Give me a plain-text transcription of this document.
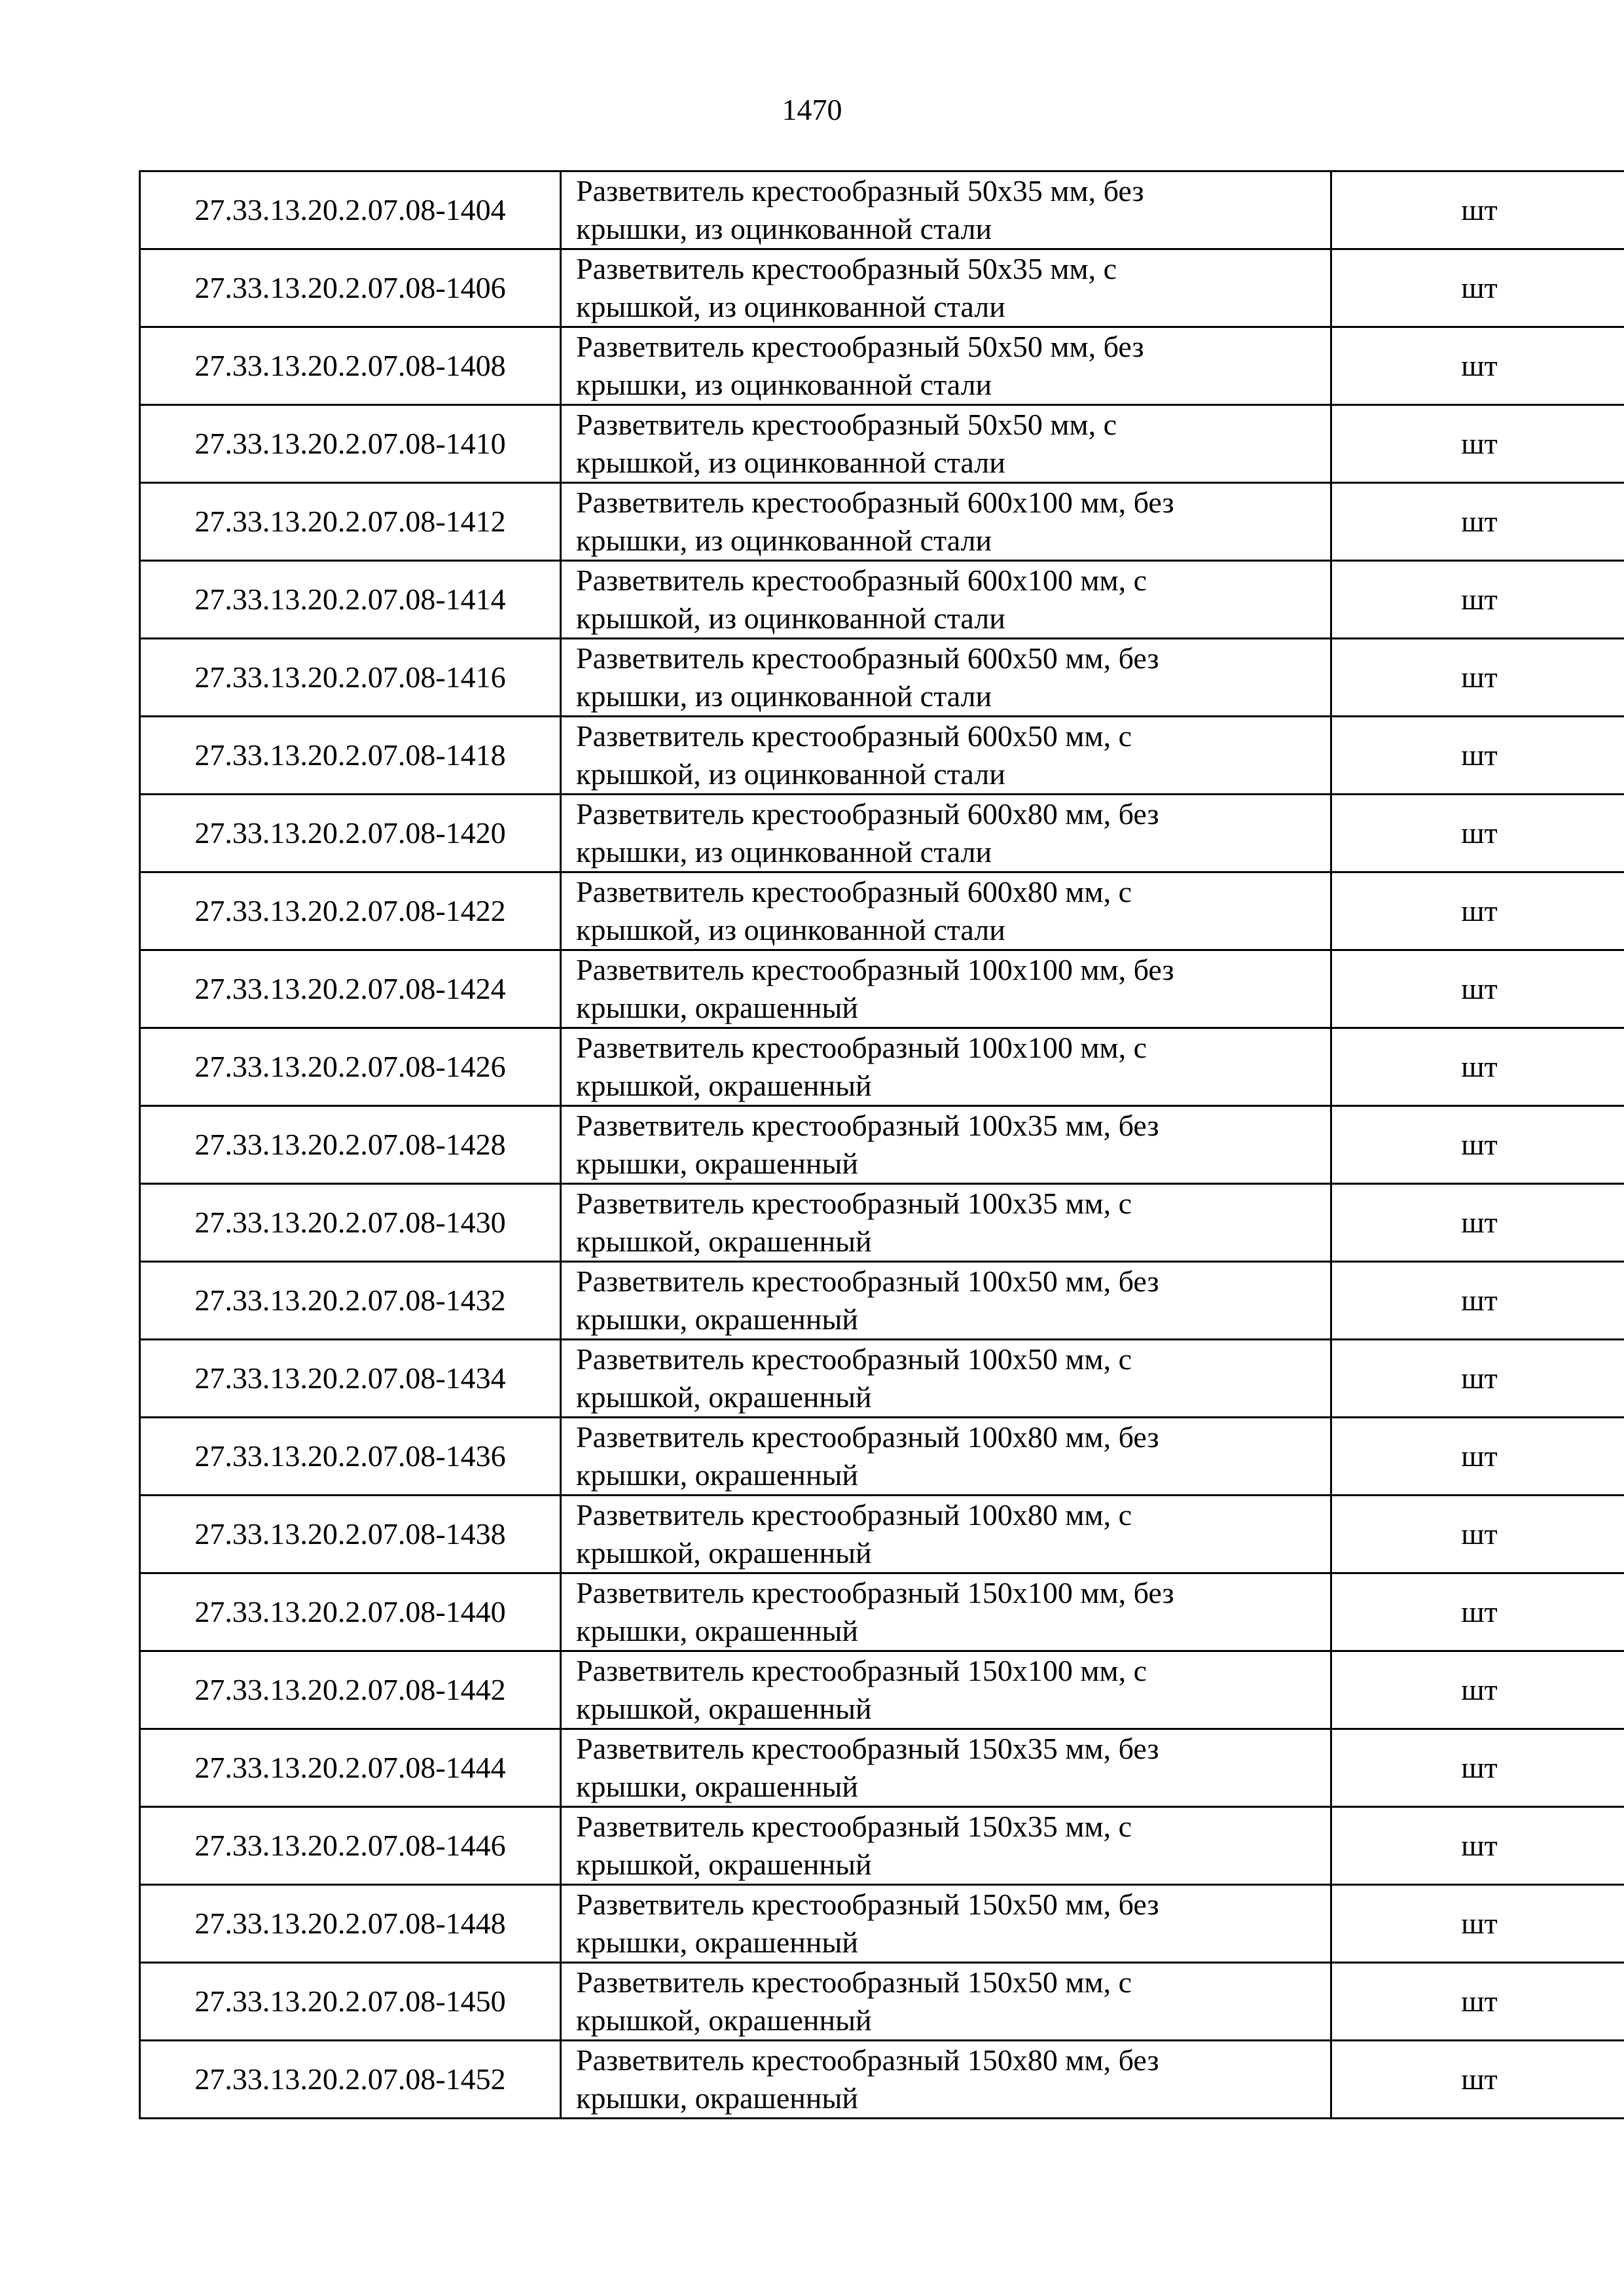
1470
27.33.13.20.2.07.08-1404	Разветвитель крестообразный 50х35 мм, без
крышки, из оцинкованной стали	шт
27.33.13.20.2.07.08-1406	Разветвитель крестообразный 50х35 мм, с
крышкой, из оцинкованной стали	шт
27.33.13.20.2.07.08-1408	Разветвитель крестообразный 50х50 мм, без
крышки, из оцинкованной стали	шт
27.33.13.20.2.07.08-1410	Разветвитель крестообразный 50х50 мм, с
крышкой, из оцинкованной стали	шт
27.33.13.20.2.07.08-1412	Разветвитель крестообразный 600х100 мм, без
крышки, из оцинкованной стали	шт
27.33.13.20.2.07.08-1414	Разветвитель крестообразный 600х100 мм, с
крышкой, из оцинкованной стали	шт
27.33.13.20.2.07.08-1416	Разветвитель крестообразный 600х50 мм, без
крышки, из оцинкованной стали	шт
27.33.13.20.2.07.08-1418	Разветвитель крестообразный 600х50 мм, с
крышкой, из оцинкованной стали	шт
27.33.13.20.2.07.08-1420	Разветвитель крестообразный 600х80 мм, без
крышки, из оцинкованной стали	шт
27.33.13.20.2.07.08-1422	Разветвитель крестообразный 600х80 мм, с
крышкой, из оцинкованной стали	шт
27.33.13.20.2.07.08-1424	Разветвитель крестообразный 100х100 мм, без
крышки, окрашенный	шт
27.33.13.20.2.07.08-1426	Разветвитель крестообразный 100х100 мм, с
крышкой, окрашенный	шт
27.33.13.20.2.07.08-1428	Разветвитель крестообразный 100х35 мм, без
крышки, окрашенный	шт
27.33.13.20.2.07.08-1430	Разветвитель крестообразный 100х35 мм, с
крышкой, окрашенный	шт
27.33.13.20.2.07.08-1432	Разветвитель крестообразный 100х50 мм, без
крышки, окрашенный	шт
27.33.13.20.2.07.08-1434	Разветвитель крестообразный 100х50 мм, с
крышкой, окрашенный	шт
27.33.13.20.2.07.08-1436	Разветвитель крестообразный 100х80 мм, без
крышки, окрашенный	шт
27.33.13.20.2.07.08-1438	Разветвитель крестообразный 100х80 мм, с
крышкой, окрашенный	шт
27.33.13.20.2.07.08-1440	Разветвитель крестообразный 150х100 мм, без
крышки, окрашенный	шт
27.33.13.20.2.07.08-1442	Разветвитель крестообразный 150х100 мм, с
крышкой, окрашенный	шт
27.33.13.20.2.07.08-1444	Разветвитель крестообразный 150х35 мм, без
крышки, окрашенный	шт
27.33.13.20.2.07.08-1446	Разветвитель крестообразный 150х35 мм, с
крышкой, окрашенный	шт
27.33.13.20.2.07.08-1448	Разветвитель крестообразный 150х50 мм, без
крышки, окрашенный	шт
27.33.13.20.2.07.08-1450	Разветвитель крестообразный 150х50 мм, с
крышкой, окрашенный	шт
27.33.13.20.2.07.08-1452	Разветвитель крестообразный 150х80 мм, без
крышки, окрашенный	шт
